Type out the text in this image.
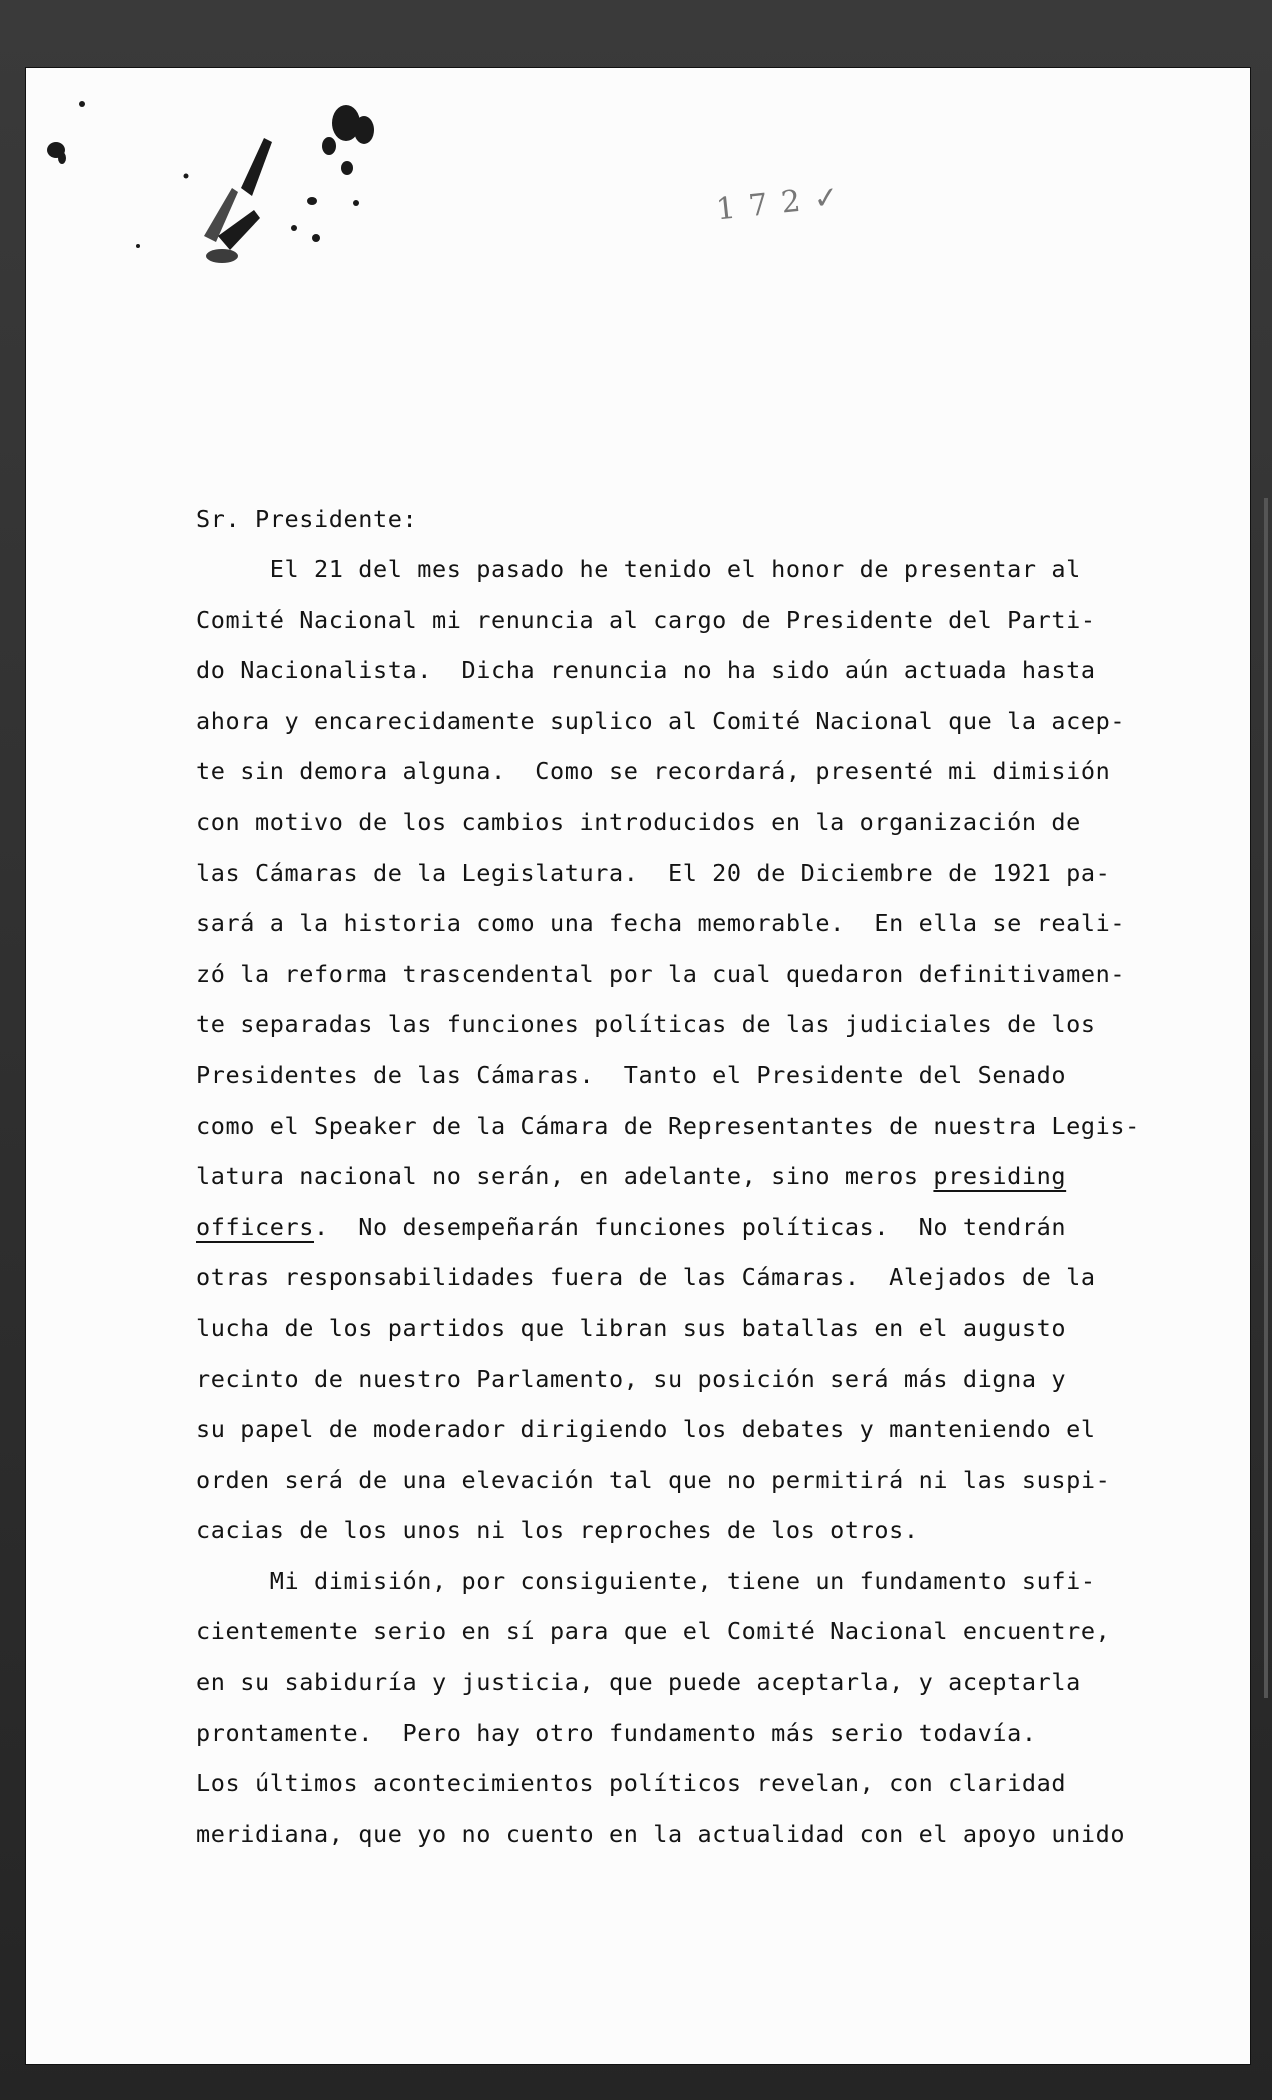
1 7 2 ✓
Sr. Presidente:
El 21 del mes pasado he tenido el honor de presentar al
Comité Nacional mi renuncia al cargo de Presidente del Parti-
do Nacionalista.  Dicha renuncia no ha sido aún actuada hasta
ahora y encarecidamente suplico al Comité Nacional que la acep-
te sin demora alguna.  Como se recordará, presenté mi dimisión
con motivo de los cambios introducidos en la organización de
las Cámaras de la Legislatura.  El 20 de Diciembre de 1921 pa-
sará a la historia como una fecha memorable.  En ella se reali-
zó la reforma trascendental por la cual quedaron definitivamen-
te separadas las funciones políticas de las judiciales de los
Presidentes de las Cámaras.  Tanto el Presidente del Senado
como el Speaker de la Cámara de Representantes de nuestra Legis-
latura nacional no serán, en adelante, sino meros presiding
officers.  No desempeñarán funciones políticas.  No tendrán
otras responsabilidades fuera de las Cámaras.  Alejados de la
lucha de los partidos que libran sus batallas en el augusto
recinto de nuestro Parlamento, su posición será más digna y
su papel de moderador dirigiendo los debates y manteniendo el
orden será de una elevación tal que no permitirá ni las suspi-
cacias de los unos ni los reproches de los otros.
Mi dimisión, por consiguiente, tiene un fundamento sufi-
cientemente serio en sí para que el Comité Nacional encuentre,
en su sabiduría y justicia, que puede aceptarla, y aceptarla
prontamente.  Pero hay otro fundamento más serio todavía.
Los últimos acontecimientos políticos revelan, con claridad
meridiana, que yo no cuento en la actualidad con el apoyo unido
